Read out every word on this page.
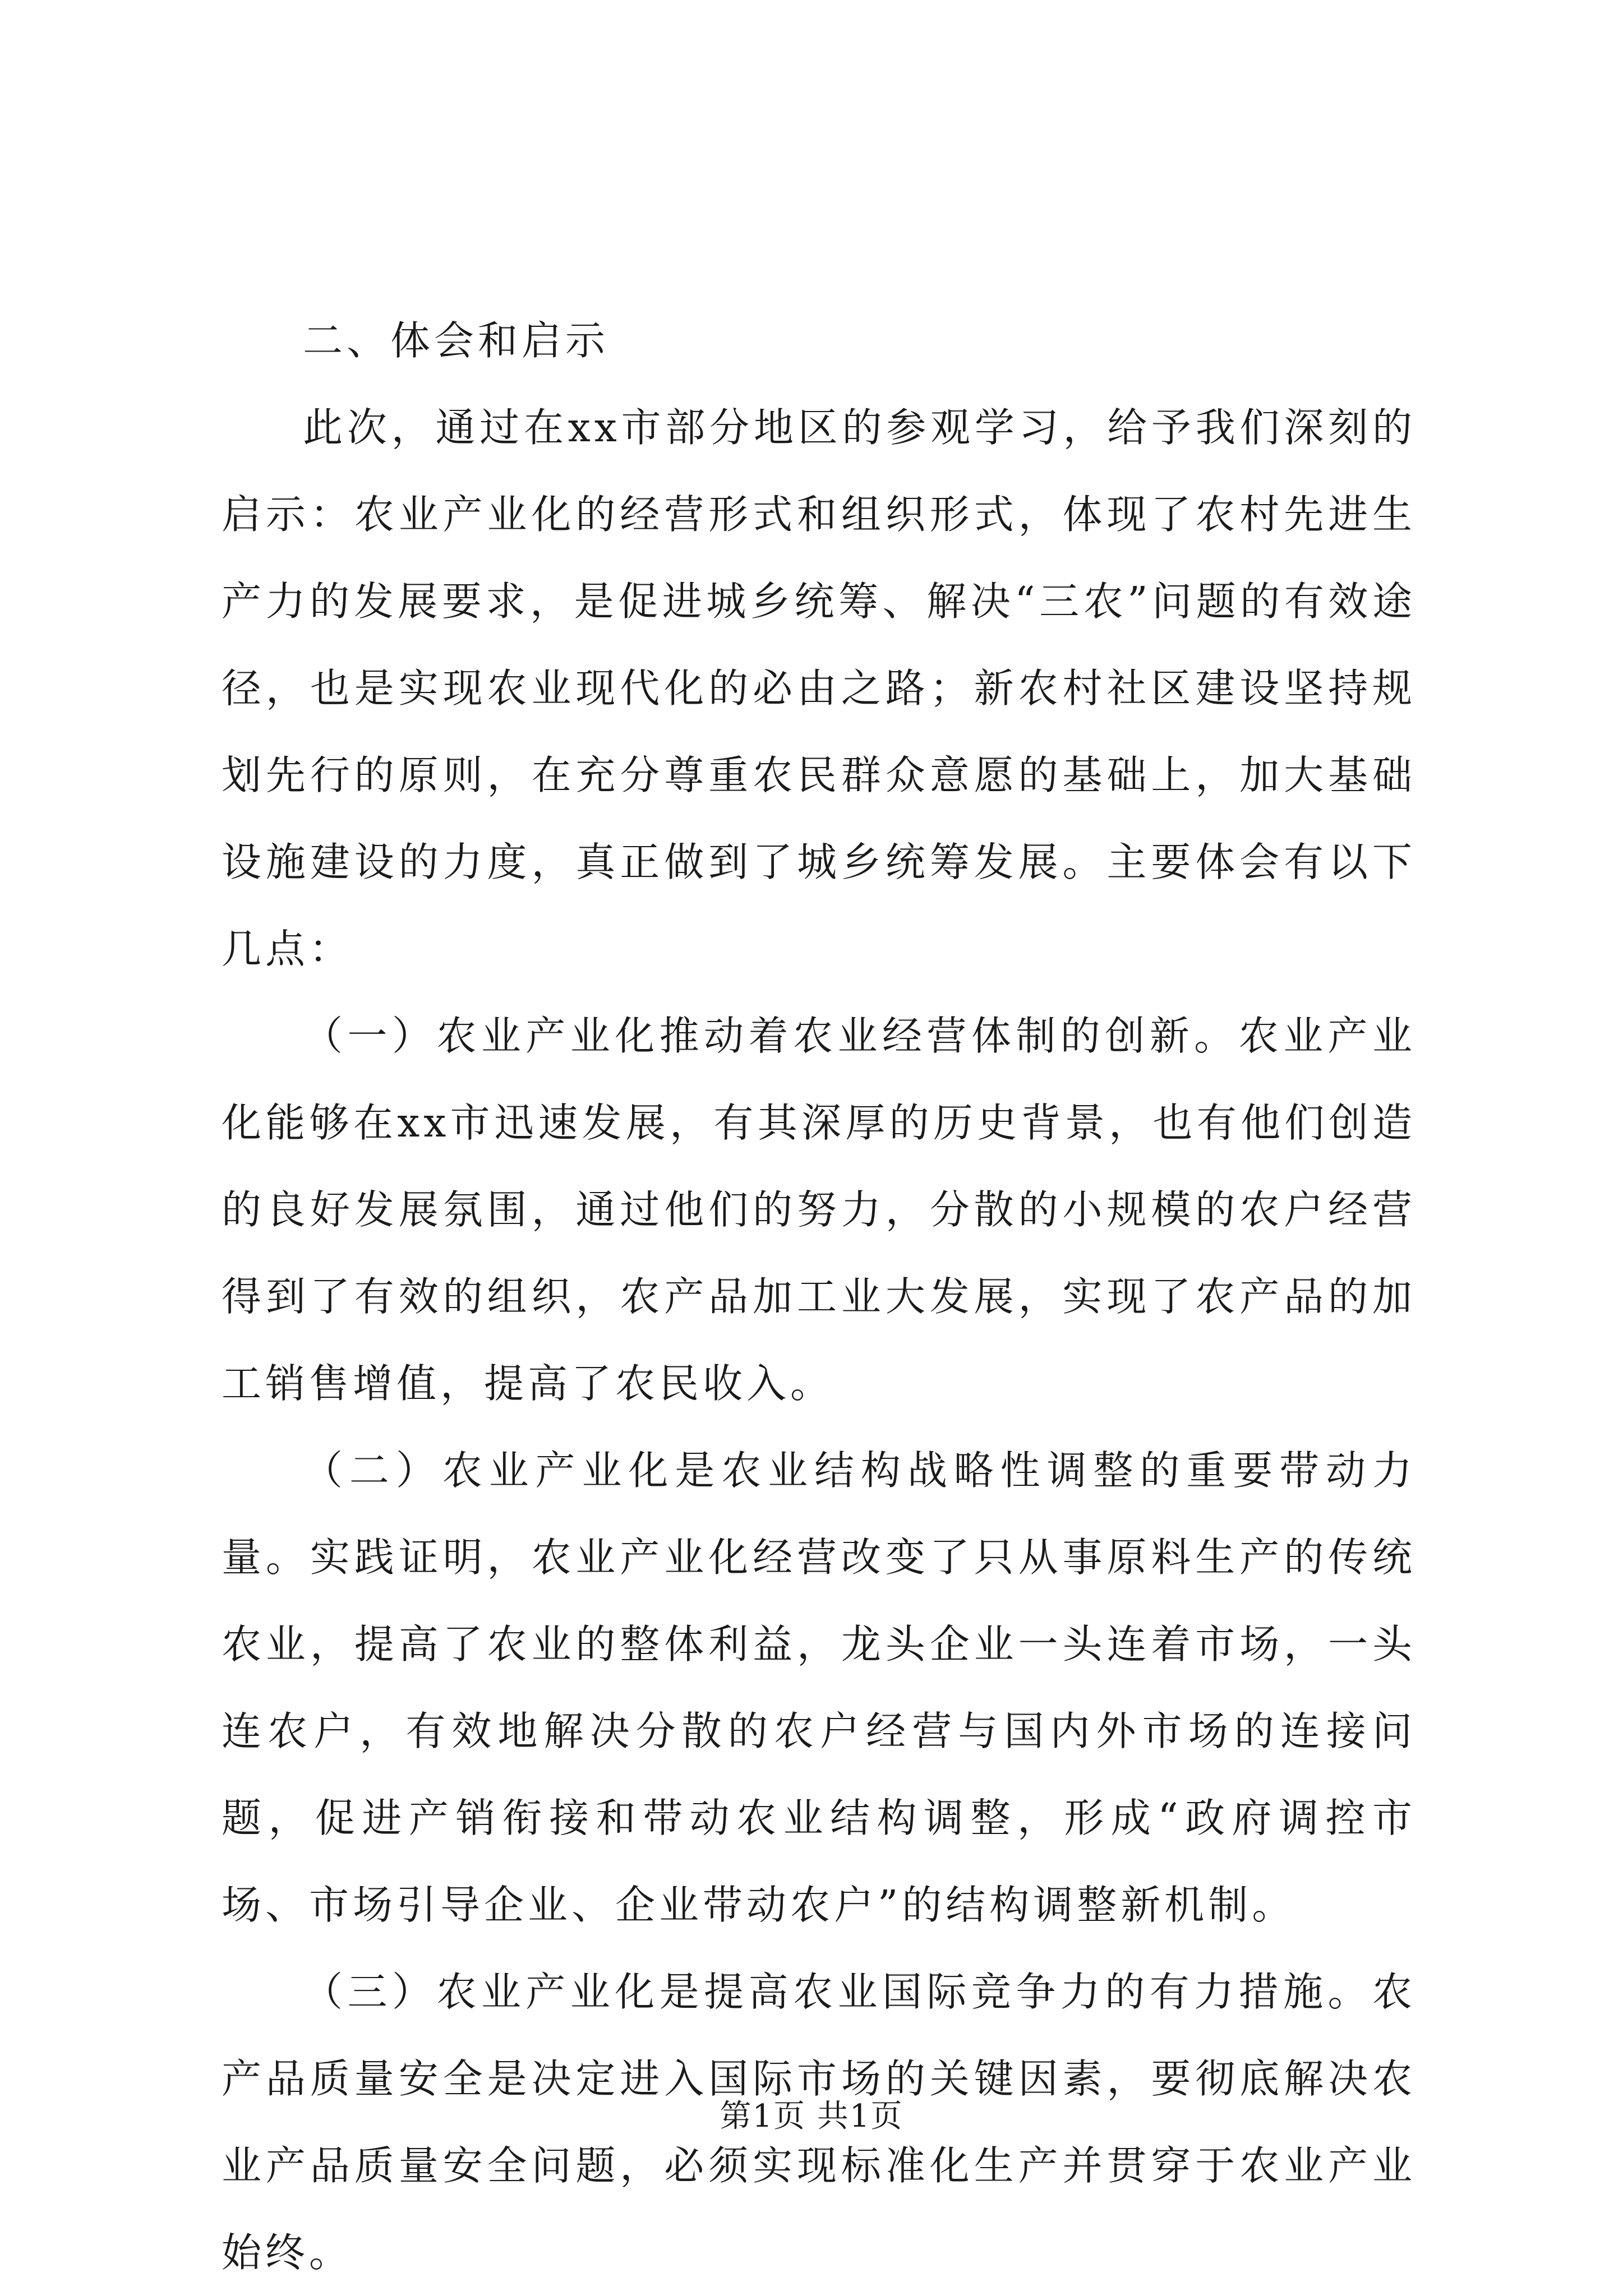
二、体会和启示

此次，通过在xx市部分地区的参观学习，给予我们深刻的启示：农业产业化的经营形式和组织形式，体现了农村先进生产力的发展要求，是促进城乡统筹、解决“三农”问题的有效途径，也是实现农业现代化的必由之路；新农村社区建设坚持规划先行的原则，在充分尊重农民群众意愿的基础上，加大基础设施建设的力度，真正做到了城乡统筹发展。主要体会有以下几点：

（一）农业产业化推动着农业经营体制的创新。农业产业化能够在xx市迅速发展，有其深厚的历史背景，也有他们创造的良好发展氛围，通过他们的努力，分散的小规模的农户经营得到了有效的组织，农产品加工业大发展，实现了农产品的加工销售增值，提高了农民收入。

（二）农业产业化是农业结构战略性调整的重要带动力量。实践证明，农业产业化经营改变了只从事原料生产的传统农业，提高了农业的整体利益，龙头企业一头连着市场，一头连农户，有效地解决分散的农户经营与国内外市场的连接问题，促进产销衔接和带动农业结构调整，形成“政府调控市场、市场引导企业、企业带动农户”的结构调整新机制。

（三）农业产业化是提高农业国际竞争力的有力措施。农产品质量安全是决定进入国际市场的关键因素，要彻底解决农业产品质量安全问题，必须实现标准化生产并贯穿于农业产业始终。

第1页 共1页
